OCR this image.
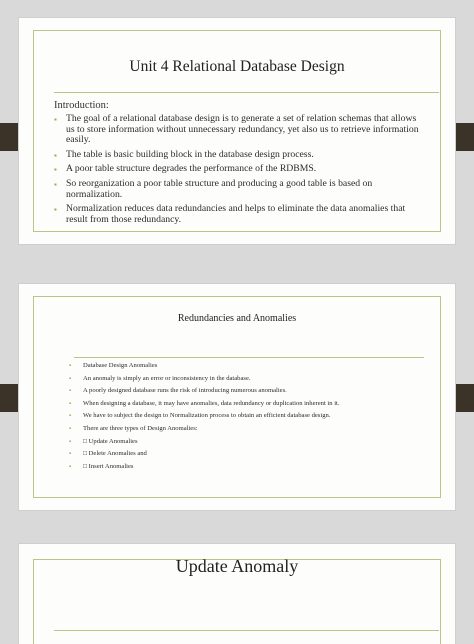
Unit 4 Relational Database Design
Introduction:
▪ The goal of a relational database design is to generate a set of relation schemas that allows us to store information without unnecessary redundancy, yet also us to retrieve information easily.
▪ The table is basic building block in the database design process.
▪ A poor table structure degrades the performance of the RDBMS.
▪ So reorganization a poor table structure and producing a good table is based on normalization.
▪ Normalization reduces data redundancies and helps to eliminate the data anomalies that result from those redundancy.
Redundancies and Anomalies
▪ Database Design Anomalies
▪ An anomaly is simply an error or inconsistency in the database.
▪ A poorly designed database runs the risk of introducing numerous anomalies.
▪ When designing a database, it may have anomalies, data redundancy or duplication inherent in it.
▪ We have to subject the design to Normalization process to obtain an efficient database design.
▪ There are three types of Design Anomalies:
▪ □ Update Anomalies
▪ □ Delete Anomalies and
▪ □ Insert Anomalies
Update Anomaly
